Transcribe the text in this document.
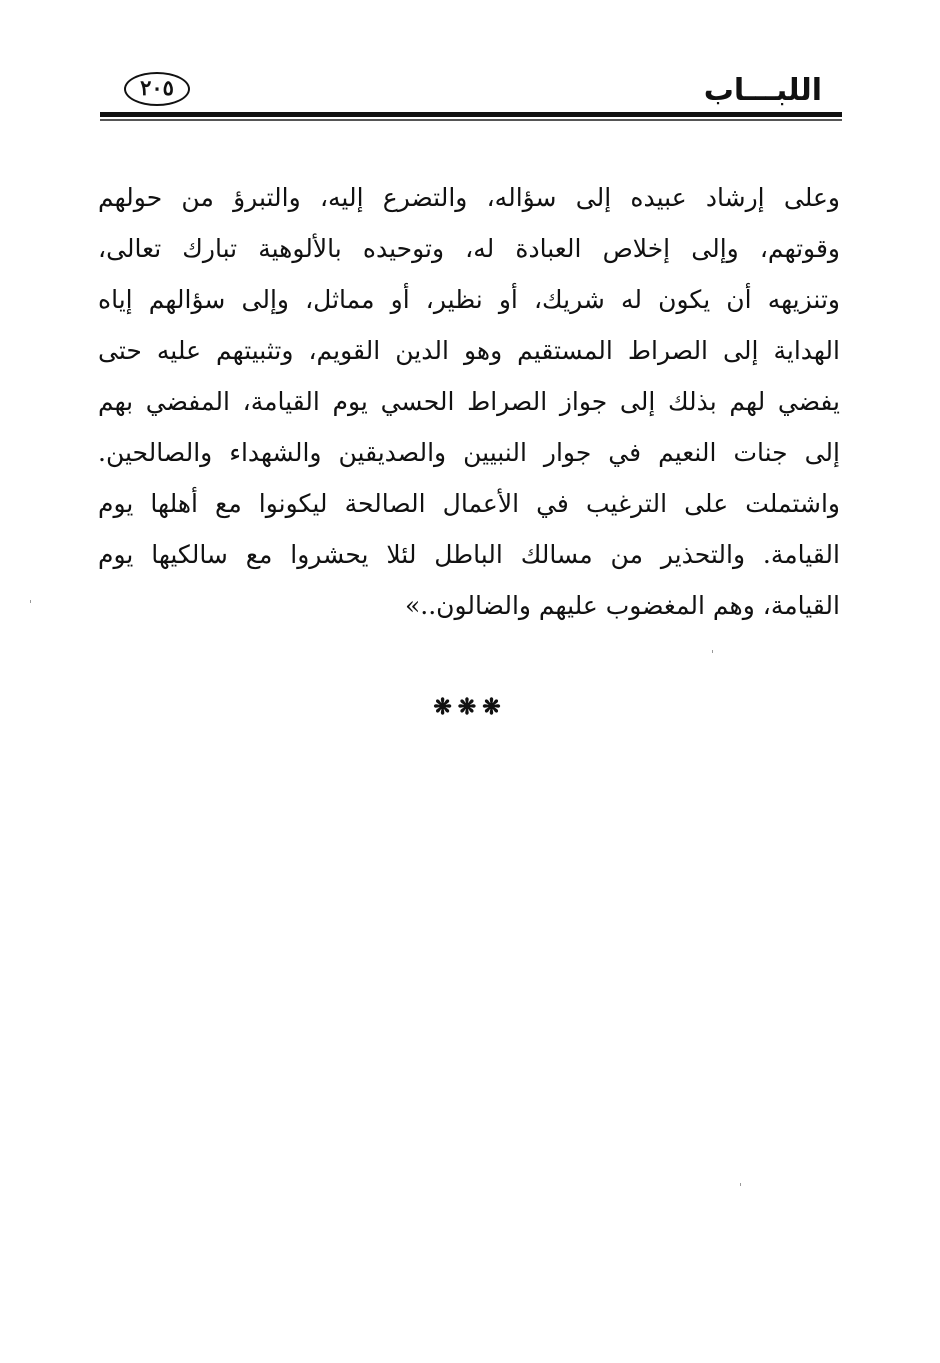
اللبـــاب
٢٠٥
وعلى إرشاد عبيده إلى سؤاله، والتضرع إليه، والتبرؤ من حولهم
وقوتهم، وإلى إخلاص العبادة له، وتوحيده بالألوهية تبارك تعالى،
وتنزيهه أن يكون له شريك، أو نظير، أو مماثل، وإلى سؤالهم إياه
الهداية إلى الصراط المستقيم وهو الدين القويم، وتثبيتهم عليه حتى
يفضي لهم بذلك إلى جواز الصراط الحسي يوم القيامة، المفضي بهم
إلى جنات النعيم في جوار النبيين والصديقين والشهداء والصالحين.
واشتملت على الترغيب في الأعمال الصالحة ليكونوا مع أهلها يوم
القيامة. والتحذير من مسالك الباطل لئلا يحشروا مع سالكيها يوم
القيامة، وهم المغضوب عليهم والضالون..»
❋❋❋
